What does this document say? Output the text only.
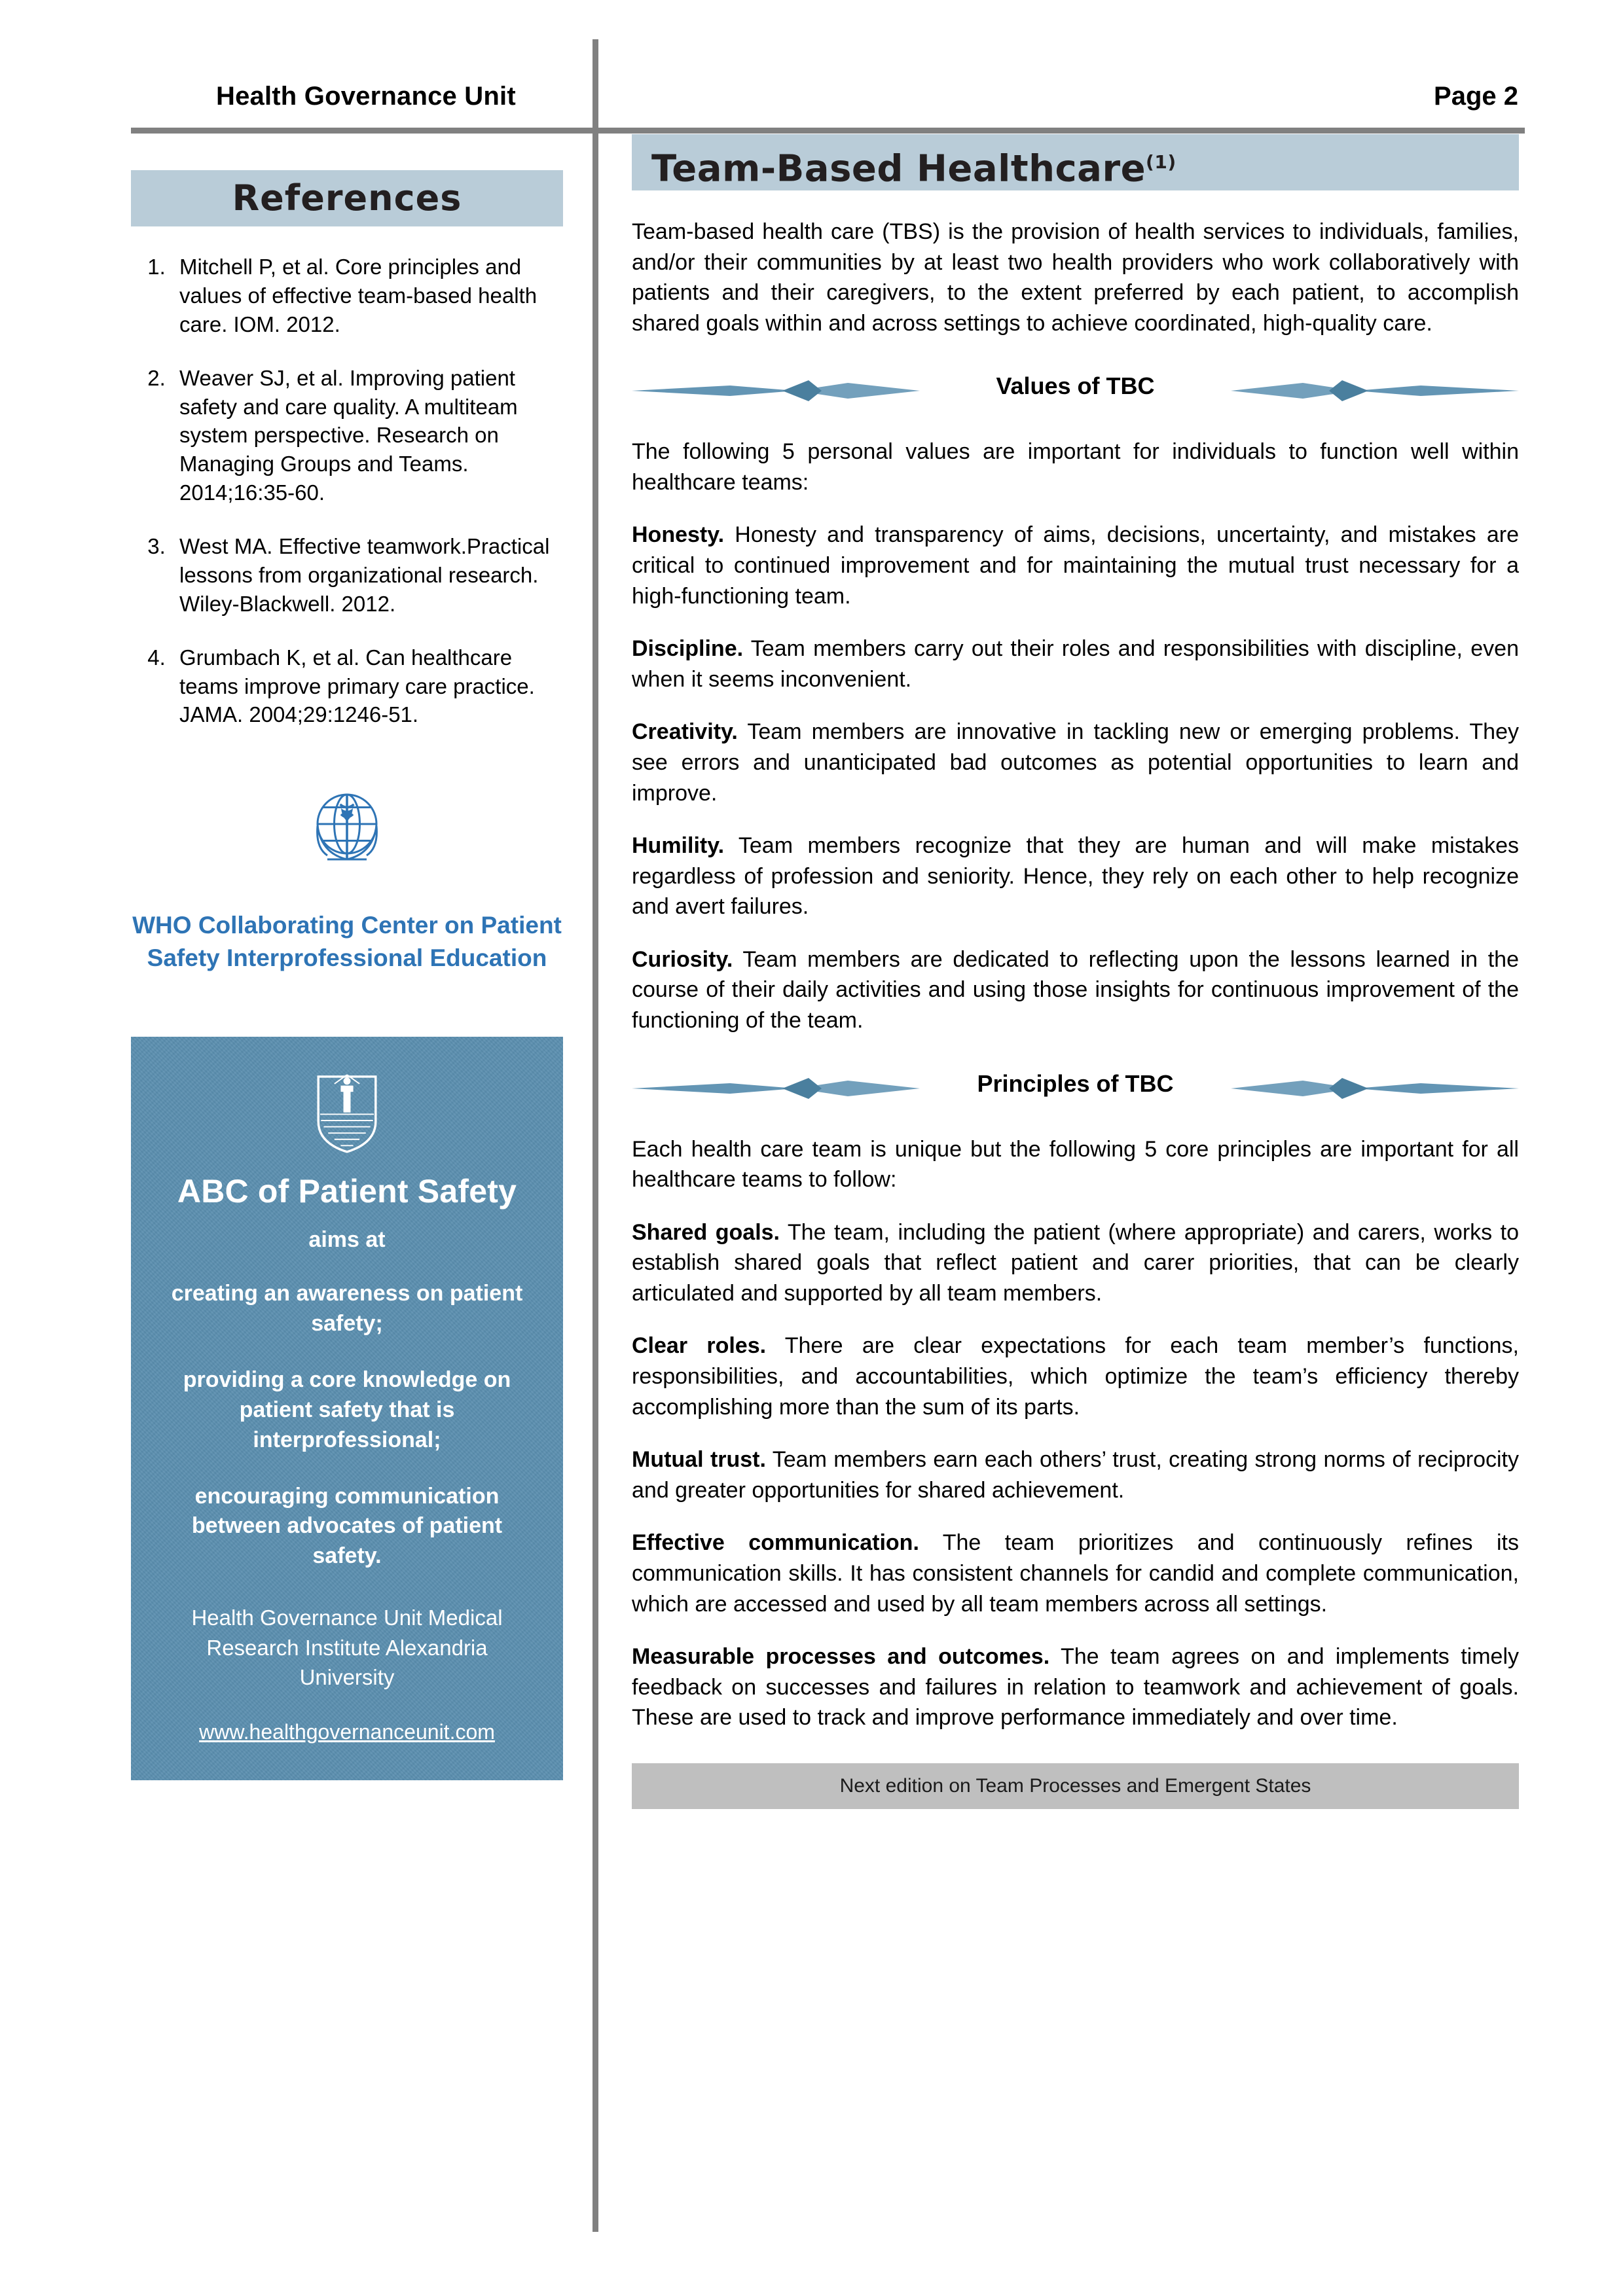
Health Governance Unit	Page 2
References
1. Mitchell P, et al. Core principles and values of effective team-based health care. IOM. 2012.
2. Weaver SJ, et al. Improving patient safety and care quality. A multiteam system perspective. Research on Managing Groups and Teams. 2014;16:35-60.
3. West MA. Effective teamwork.Practical lessons from organizational research. Wiley-Blackwell. 2012.
4. Grumbach K, et al. Can healthcare teams improve primary care practice. JAMA. 2004;29:1246-51.
WHO Collaborating Center on Patient Safety Interprofessional Education
ABC of Patient Safety
aims at

creating an awareness on patient safety;

providing a core knowledge on patient safety that is interprofessional;

encouraging communication between advocates of patient safety.

Health Governance Unit Medical Research Institute Alexandria University
www.healthgovernanceunit.com
Team-Based Healthcare$^{(1)}$
Team-based health care (TBS) is the provision of health services to individuals, families, and/or their communities by at least two health providers who work collaboratively with patients and their caregivers, to the extent preferred by each patient, to accomplish shared goals within and across settings to achieve coordinated, high-quality care.
Values of TBC
The following 5 personal values are important for individuals to function well within healthcare teams:

Honesty. Honesty and transparency of aims, decisions, uncertainty, and mistakes are critical to continued improvement and for maintaining the mutual trust necessary for a high-functioning team.

Discipline. Team members carry out their roles and responsibilities with discipline, even when it seems inconvenient.

Creativity. Team members are innovative in tackling new or emerging problems. They see errors and unanticipated bad outcomes as potential opportunities to learn and improve.

Humility. Team members recognize that they are human and will make mistakes regardless of profession and seniority. Hence, they rely on each other to help recognize and avert failures.

Curiosity. Team members are dedicated to reflecting upon the lessons learned in the course of their daily activities and using those insights for continuous improvement of the functioning of the team.

Principles of TBC
Each health care team is unique but the following 5 core principles are important for all healthcare teams to follow:

Shared goals. The team, including the patient (where appropriate) and carers, works to establish shared goals that reflect patient and carer priorities, that can be clearly articulated and supported by all team members.

Clear roles. There are clear expectations for each team member’s functions, responsibilities, and accountabilities, which optimize the team’s efficiency thereby accomplishing more than the sum of its parts.

Mutual trust. Team members earn each others’ trust, creating strong norms of reciprocity and greater opportunities for shared achievement.

Effective communication. The team prioritizes and continuously refines its communication skills. It has consistent channels for candid and complete communication, which are accessed and used by all team members across all settings.

Measurable processes and outcomes. The team agrees on and implements timely feedback on successes and failures in relation to teamwork and achievement of goals. These are used to track and improve performance immediately and over time.

Next edition on Team Processes and Emergent States
